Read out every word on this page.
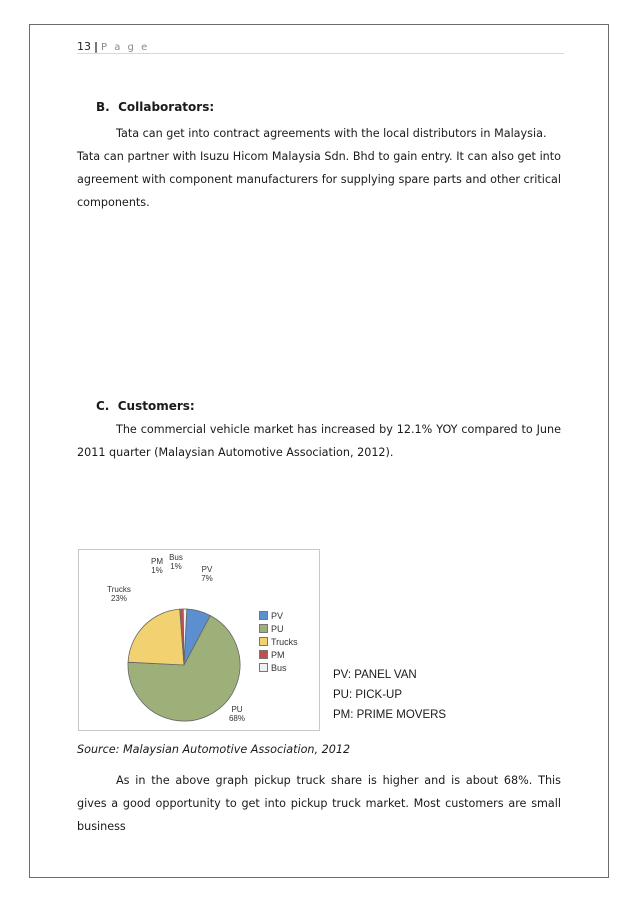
13 | P a g e
B. Collaborators:
Tata can get into contract agreements with the local distributors in Malaysia.
Tata can partner with Isuzu Hicom Malaysia Sdn. Bhd to gain entry. It can also get into agreement with component manufacturers for supplying spare parts and other critical components.
C. Customers:
The commercial vehicle market has increased by 12.1% YOY compared to June 2011 quarter (Malaysian Automotive Association, 2012).
PV 7%
PU 68%
Trucks 23%
PM 1%
Bus 1%
PV
PU
Trucks
PM
Bus
PV: PANEL VAN
PU: PICK-UP
PM: PRIME MOVERS
Source: Malaysian Automotive Association, 2012
As in the above graph pickup truck share is higher and is about 68%. This gives a good opportunity to get into pickup truck market. Most customers are small business
